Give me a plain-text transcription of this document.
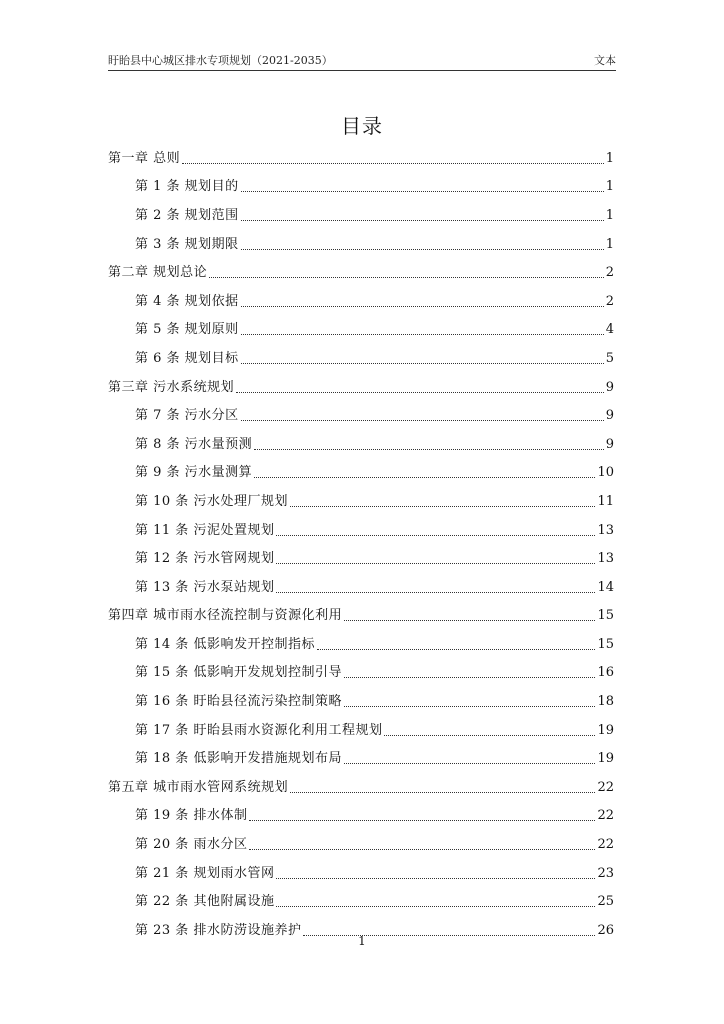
盱眙县中心城区排水专项规划（2021-2035）	文本
目录
第一章 总则	1
第 1 条 规划目的	1
第 2 条 规划范围	1
第 3 条 规划期限	1
第二章 规划总论	2
第 4 条 规划依据	2
第 5 条 规划原则	4
第 6 条 规划目标	5
第三章 污水系统规划	9
第 7 条 污水分区	9
第 8 条 污水量预测	9
第 9 条 污水量测算	10
第 10 条 污水处理厂规划	11
第 11 条 污泥处置规划	13
第 12 条 污水管网规划	13
第 13 条 污水泵站规划	14
第四章 城市雨水径流控制与资源化利用	15
第 14 条 低影响发开控制指标	15
第 15 条 低影响开发规划控制引导	16
第 16 条 盱眙县径流污染控制策略	18
第 17 条 盱眙县雨水资源化利用工程规划	19
第 18 条 低影响开发措施规划布局	19
第五章 城市雨水管网系统规划	22
第 19 条 排水体制	22
第 20 条 雨水分区	22
第 21 条 规划雨水管网	23
第 22 条 其他附属设施	25
第 23 条 排水防涝设施养护	26
1
